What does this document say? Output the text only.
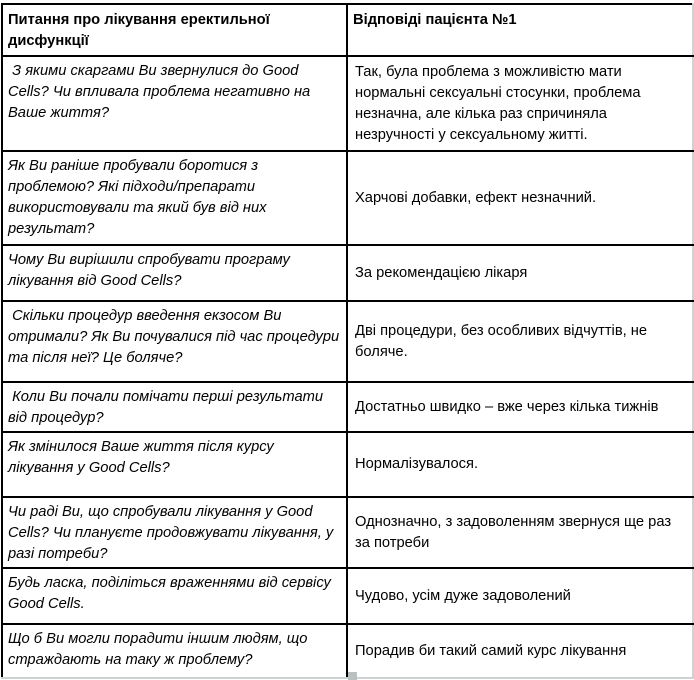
Питання про лікування еректильної дисфункції	Відповіді пацієнта №1
З якими скаргами Ви звернулися до Good Cells? Чи впливала проблема негативно на Ваше життя?	Так, була проблема з можливістю мати нормальні сексуальні стосунки, проблема незначна, але кілька раз спричиняла незручності у сексуальному житті.
Як Ви раніше пробували боротися з проблемою? Які підходи/препарати використовували та який був від них результат?	Харчові добавки, ефект незначний.
Чому Ви вирішили спробувати програму лікування від Good Cells?	За рекомендацією лікаря
Скільки процедур введення екзосом Ви отримали? Як Ви почувалися під час процедури та після неї? Це боляче?	Дві процедури, без особливих відчуттів, не боляче.
Коли Ви почали помічати перші результати від процедур?	Достатньо швидко – вже через кілька тижнів
Як змінилося Ваше життя після курсу лікування у Good Cells?	Нормалізувалося.
Чи раді Ви, що спробували лікування у Good Cells? Чи плануєте продовжувати лікування, у разі потреби?	Однозначно, з задоволенням звернуся ще раз за потреби
Будь ласка, поділіться враженнями від сервісу Good Cells.	Чудово, усім дуже задоволений
Що б Ви могли порадити іншим людям, що страждають на таку ж проблему?	Порадив би такий самий курс лікування
